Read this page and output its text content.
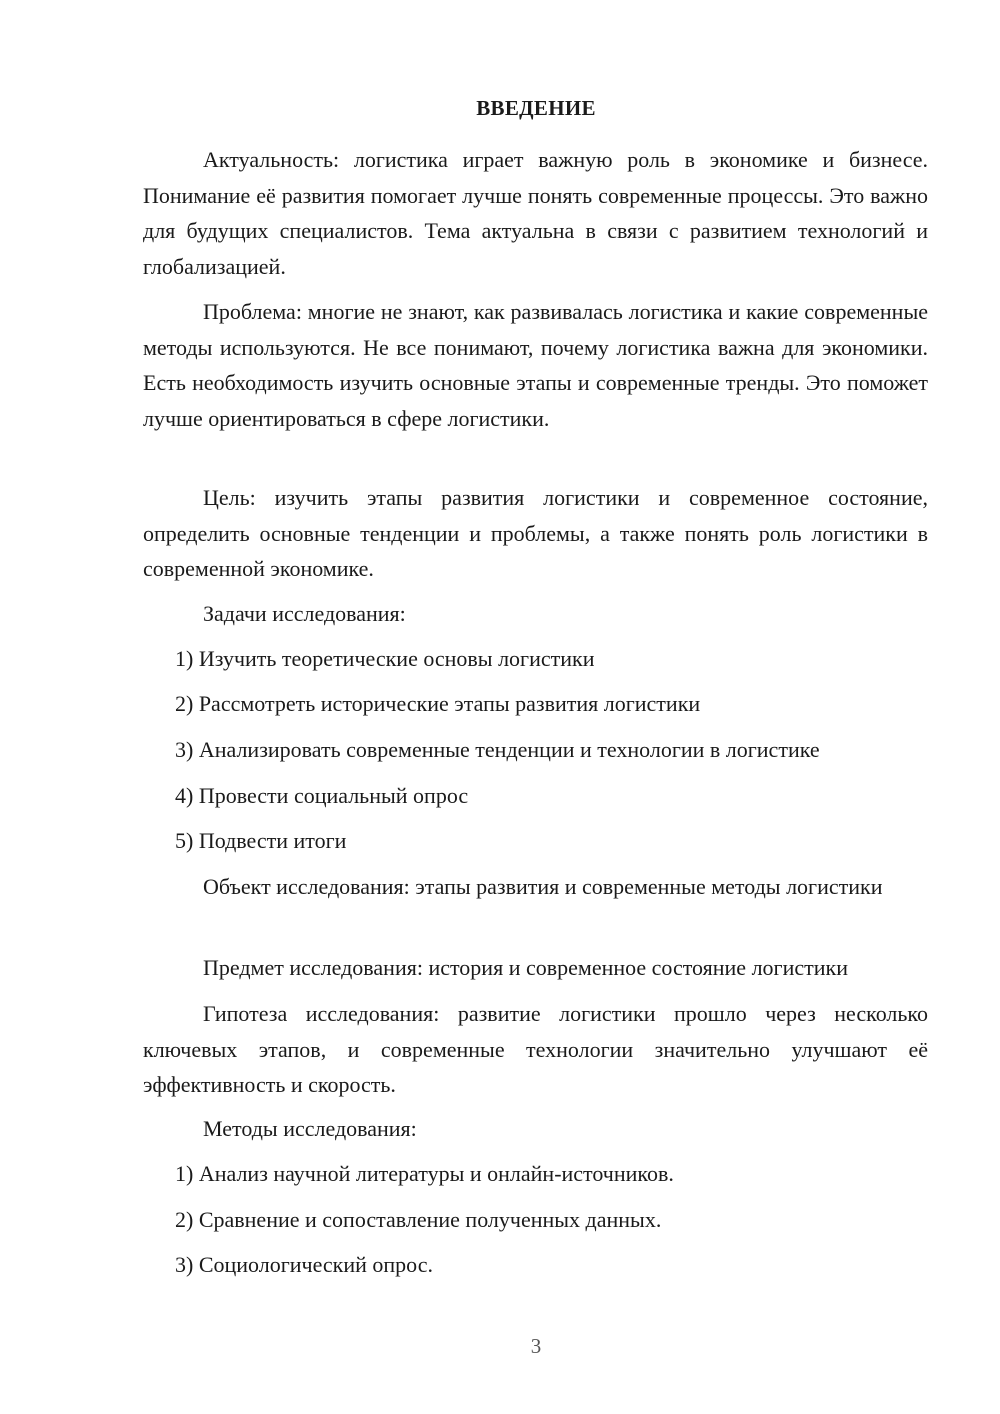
ВВЕДЕНИЕ

Актуальность: логистика играет важную роль в экономике и бизнесе. Понимание её развития помогает лучше понять современные процессы. Это важно для будущих специалистов. Тема актуальна в связи с развитием технологий и глобализацией.

Проблема: многие не знают, как развивалась логистика и какие современные методы используются. Не все понимают, почему логистика важна для экономики. Есть необходимость изучить основные этапы и современные тренды. Это поможет лучше ориентироваться в сфере логистики.

Цель: изучить этапы развития логистики и современное состояние, определить основные тенденции и проблемы, а также понять роль логистики в современной экономике.

Задачи исследования:

1) Изучить теоретические основы логистики

2) Рассмотреть исторические этапы развития логистики

3) Анализировать современные тенденции и технологии в логистике

4) Провести социальный опрос

5) Подвести итоги

Объект исследования: этапы развития и современные методы логистики

Предмет исследования: история и современное состояние логистики

Гипотеза исследования: развитие логистики прошло через несколько ключевых этапов, и современные технологии значительно улучшают её эффективность и скорость.

Методы исследования:

1) Анализ научной литературы и онлайн-источников.

2) Сравнение и сопоставление полученных данных.

3) Социологический опрос.

3
